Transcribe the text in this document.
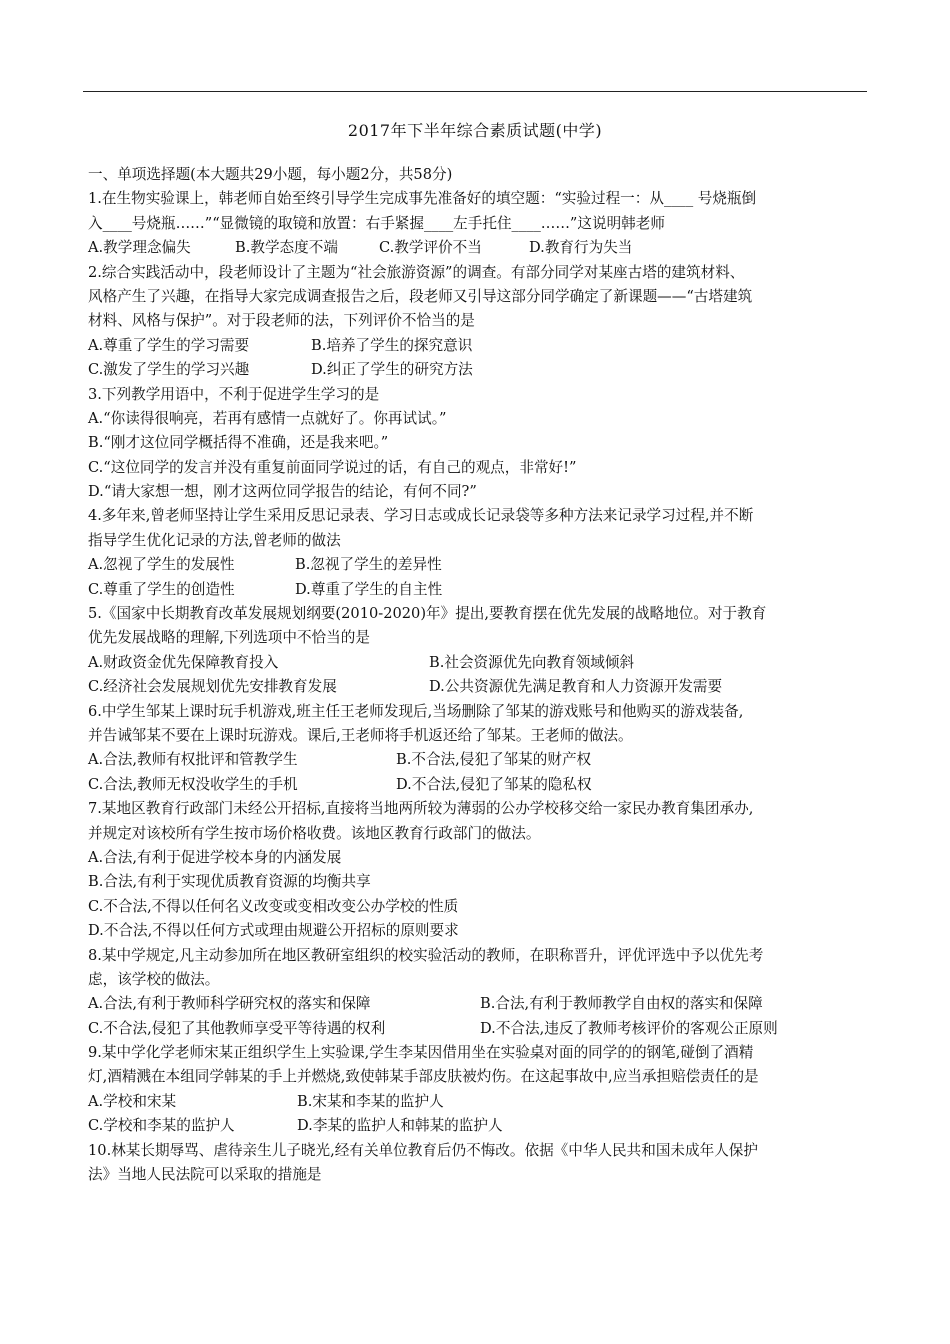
2017年下半年综合素质试题(中学)
一、单项选择题(本大题共29小题，每小题2分，共58分)
1.在生物实验课上，韩老师自始至终引导学生完成事先准备好的填空题：“实验过程一：从____ 号烧瓶倒
入____号烧瓶……”“显微镜的取镜和放置：右手紧握____左手托住____……”这说明韩老师
A.教学理念偏失	B.教学态度不端	C.教学评价不当	D.教育行为失当
2.综合实践活动中，段老师设计了主题为“社会旅游资源”的调查。有部分同学对某座古塔的建筑材料、
风格产生了兴趣，在指导大家完成调查报告之后，段老师又引导这部分同学确定了新课题——“古塔建筑
材料、风格与保护”。对于段老师的法，下列评价不恰当的是
A.尊重了学生的学习需要	B.培养了学生的探究意识
C.激发了学生的学习兴趣	D.纠正了学生的研究方法
3.下列教学用语中，不利于促进学生学习的是
A.“你读得很响亮，若再有感情一点就好了。你再试试。”
B.“刚才这位同学概括得不准确，还是我来吧。”
C.“这位同学的发言并没有重复前面同学说过的话，有自己的观点，非常好!”
D.“请大家想一想，刚才这两位同学报告的结论，有何不同?”
4.多年来,曾老师坚持让学生采用反思记录表、学习日志或成长记录袋等多种方法来记录学习过程,并不断
指导学生优化记录的方法,曾老师的做法
A.忽视了学生的发展性	B.忽视了学生的差异性
C.尊重了学生的创造性	D.尊重了学生的自主性
5.《国家中长期教育改革发展规划纲要(2010-2020)年》提出,要教育摆在优先发展的战略地位。对于教育
优先发展战略的理解,下列选项中不恰当的是
A.财政资金优先保障教育投入	B.社会资源优先向教育领域倾斜
C.经济社会发展规划优先安排教育发展	D.公共资源优先满足教育和人力资源开发需要
6.中学生邹某上课时玩手机游戏,班主任王老师发现后,当场删除了邹某的游戏账号和他购买的游戏装备,
并告诫邹某不要在上课时玩游戏。课后,王老师将手机返还给了邹某。王老师的做法。
A.合法,教师有权批评和管教学生	B.不合法,侵犯了邹某的财产权
C.合法,教师无权没收学生的手机	D.不合法,侵犯了邹某的隐私权
7.某地区教育行政部门未经公开招标,直接将当地两所较为薄弱的公办学校移交给一家民办教育集团承办,
并规定对该校所有学生按市场价格收费。该地区教育行政部门的做法。
A.合法,有利于促进学校本身的内涵发展
B.合法,有利于实现优质教育资源的均衡共享
C.不合法,不得以任何名义改变或变相改变公办学校的性质
D.不合法,不得以任何方式或理由规避公开招标的原则要求
8.某中学规定,凡主动参加所在地区教研室组织的校实验活动的教师，在职称晋升，评优评选中予以优先考
虑，该学校的做法。
A.合法,有利于教师科学研究权的落实和保障	B.合法,有利于教师教学自由权的落实和保障
C.不合法,侵犯了其他教师享受平等待遇的权利	D.不合法,违反了教师考核评价的客观公正原则
9.某中学化学老师宋某正组织学生上实验课,学生李某因借用坐在实验桌对面的同学的的钢笔,碰倒了酒精
灯,酒精溅在本组同学韩某的手上并燃烧,致使韩某手部皮肤被灼伤。在这起事故中,应当承担赔偿责任的是
A.学校和宋某	B.宋某和李某的监护人
C.学校和李某的监护人	D.李某的监护人和韩某的监护人
10.林某长期辱骂、虐待亲生儿子晓光,经有关单位教育后仍不悔改。依据《中华人民共和国未成年人保护
法》当地人民法院可以采取的措施是
